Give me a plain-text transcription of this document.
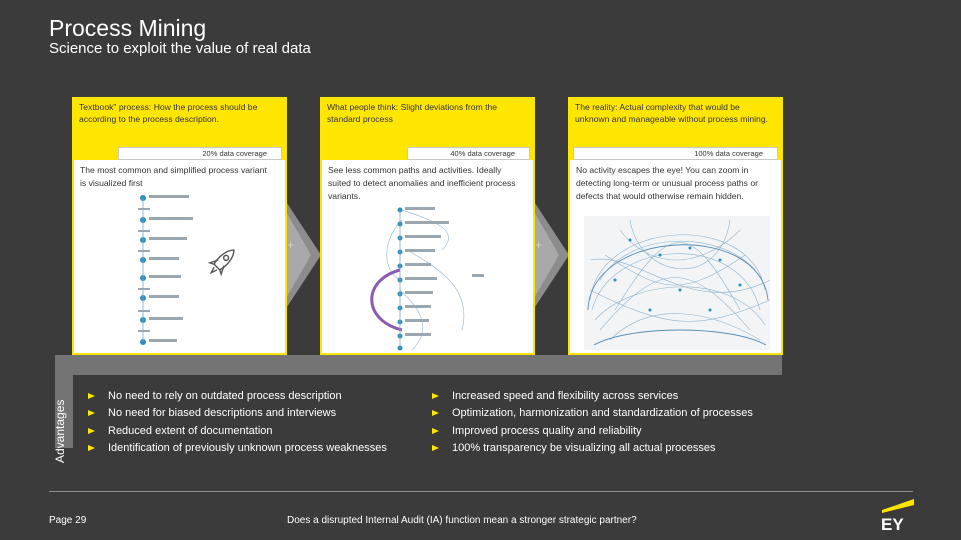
Process Mining
Science to exploit the value of real data
Advantages
+	+
Textbook" process: How the process should be according to the process description.
20% data coverage
The most common and simplified process variant is visualized first
What people think: Slight deviations from the standard process
40% data coverage
See less common paths and activities. Ideally suited to detect anomalies and inefficient process variants.
The reality: Actual complexity that would be unknown and manageable without process mining.
100% data coverage
No activity escapes the eye! You can zoom in detecting long-term or unusual process paths or defects that would otherwise remain hidden.
No need to rely on outdated process description
No need for biased descriptions and interviews
Reduced extent of documentation
Identification of previously unknown process weaknesses
Increased speed and flexibility across services
Optimization, harmonization and standardization of processes
Improved process quality and reliability
100% transparency be visualizing all actual processes
Page 29	Does a disrupted Internal Audit (IA) function mean a stronger strategic partner?	EY
